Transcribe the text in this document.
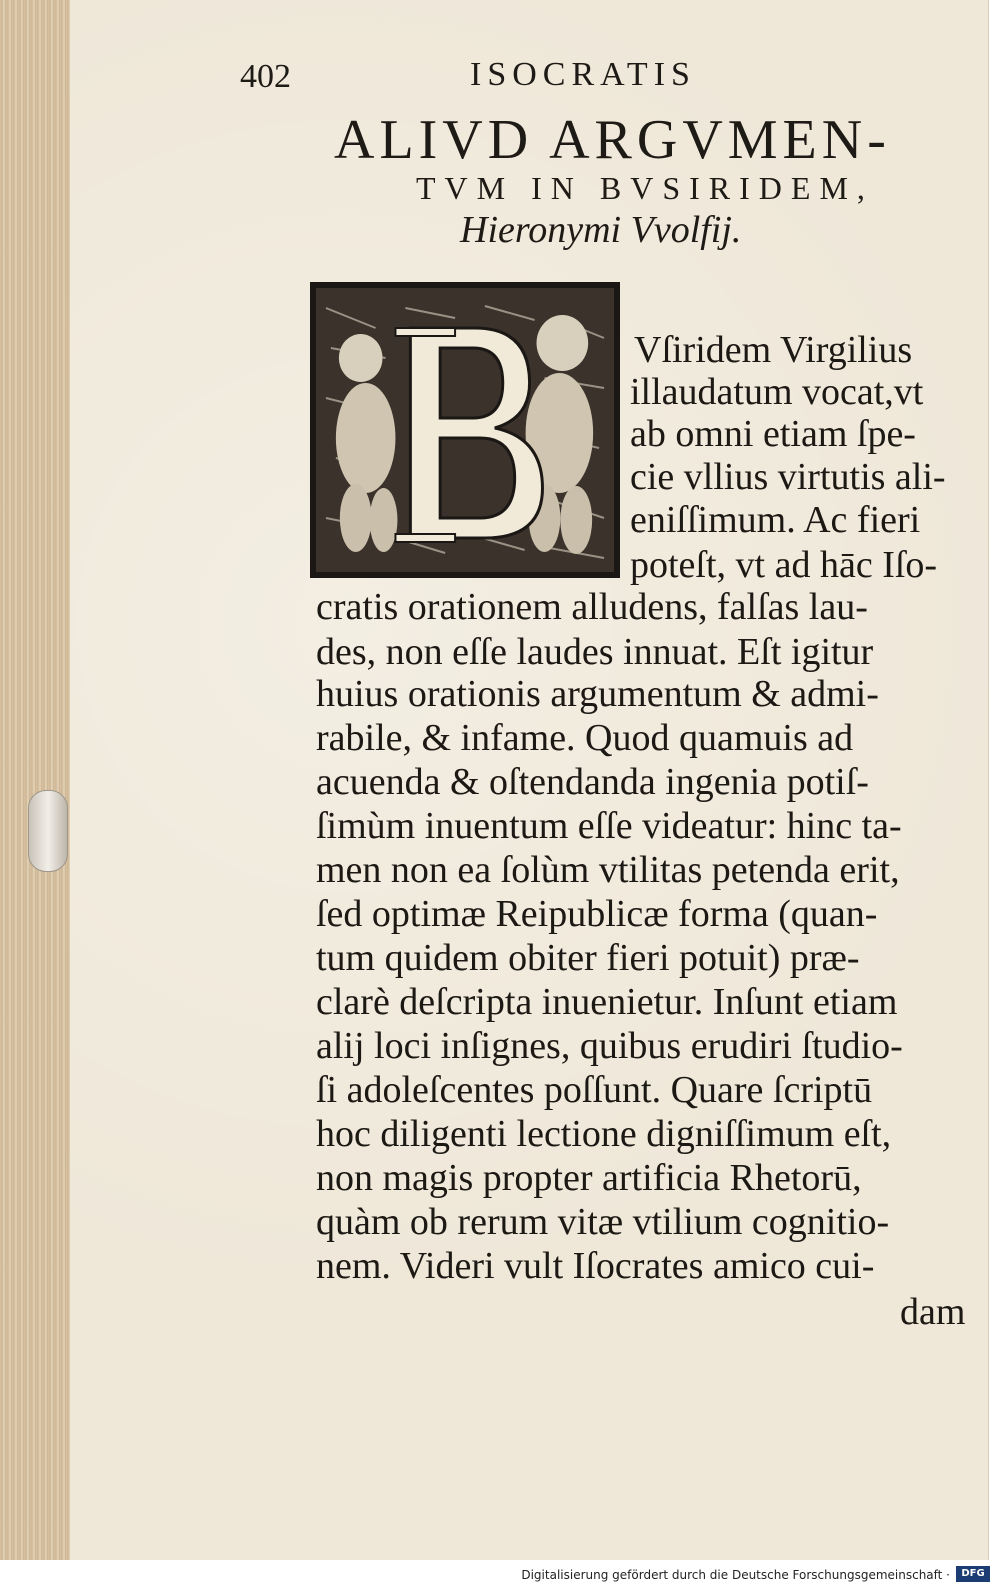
402	ISOCRATIS
ALIVD ARGVMEN-
TVM IN BVSIRIDEM,
Hieronymi Vvolfij.
Vſiridem Virgilius
illaudatum vocat,vt
ab omni etiam ſpe-
cie vllius virtutis ali-
eniſſimum. Ac fieri
poteſt, vt ad hāc Iſo-
cratis orationem alludens, falſas lau-
des, non eſſe laudes innuat. Eſt igitur
huius orationis argumentum & admi-
rabile, & infame. Quod quamuis ad
acuenda & oſtendanda ingenia potiſ-
ſimùm inuentum eſſe videatur: hinc ta-
men non ea ſolùm vtilitas petenda erit,
ſed optimæ Reipublicæ forma (quan-
tum quidem obiter fieri potuit) præ-
clarè deſcripta inuenietur. Inſunt etiam
alij loci inſignes, quibus erudiri ſtudio-
ſi adoleſcentes poſſunt. Quare ſcriptū
hoc diligenti lectione digniſſimum eſt,
non magis propter artificia Rhetorū,
quàm ob rerum vitæ vtilium cognitio-
nem. Videri vult Iſocrates amico cui-
dam
Digitalisierung gefördert durch die Deutsche Forschungsgemeinschaft ·	DFG
